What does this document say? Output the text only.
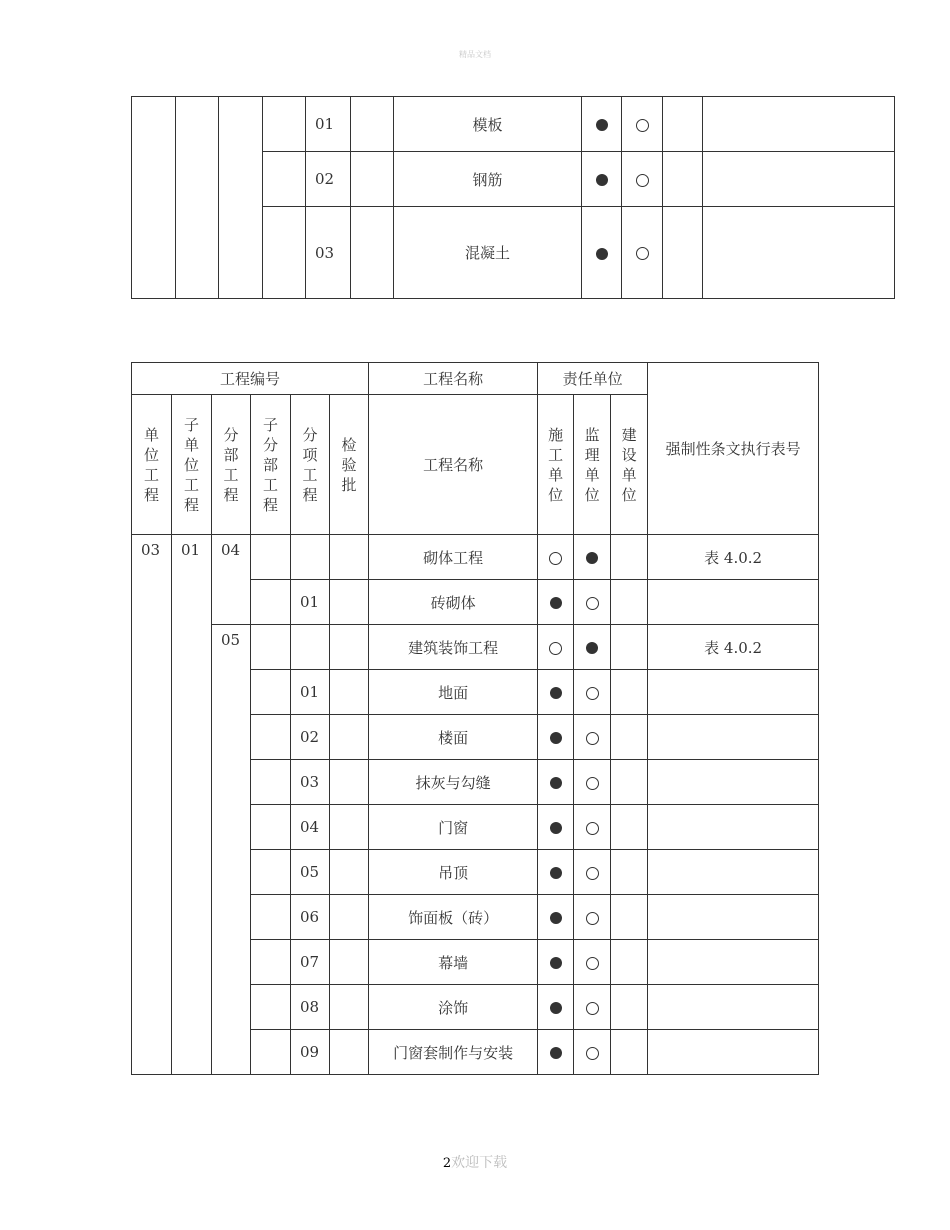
精品文档
				01		模板				
				02		钢筋				
				03		混凝土				
工程编号						工程名称	责任单位			强制性条文执行表号

单
位
工
程	子
单
位
工
程	分
部
工
程	子
分
部
工
程	分
项
工
程	检
验
批	工程名称	施
工
单
位	监
理
单
位	建
设
单
位	

03	01	04				砌体工程				表 4.0.2
				01		砖砌体				
		05				建筑装饰工程				表 4.0.2
				01		地面				
				02		楼面				
				03		抹灰与勾缝				
				04		门窗				
				05		吊顶				
				06		饰面板（砖）				
				07		幕墙				
				08		涂饰				
				09		门窗套制作与安装				
2欢迎下载
